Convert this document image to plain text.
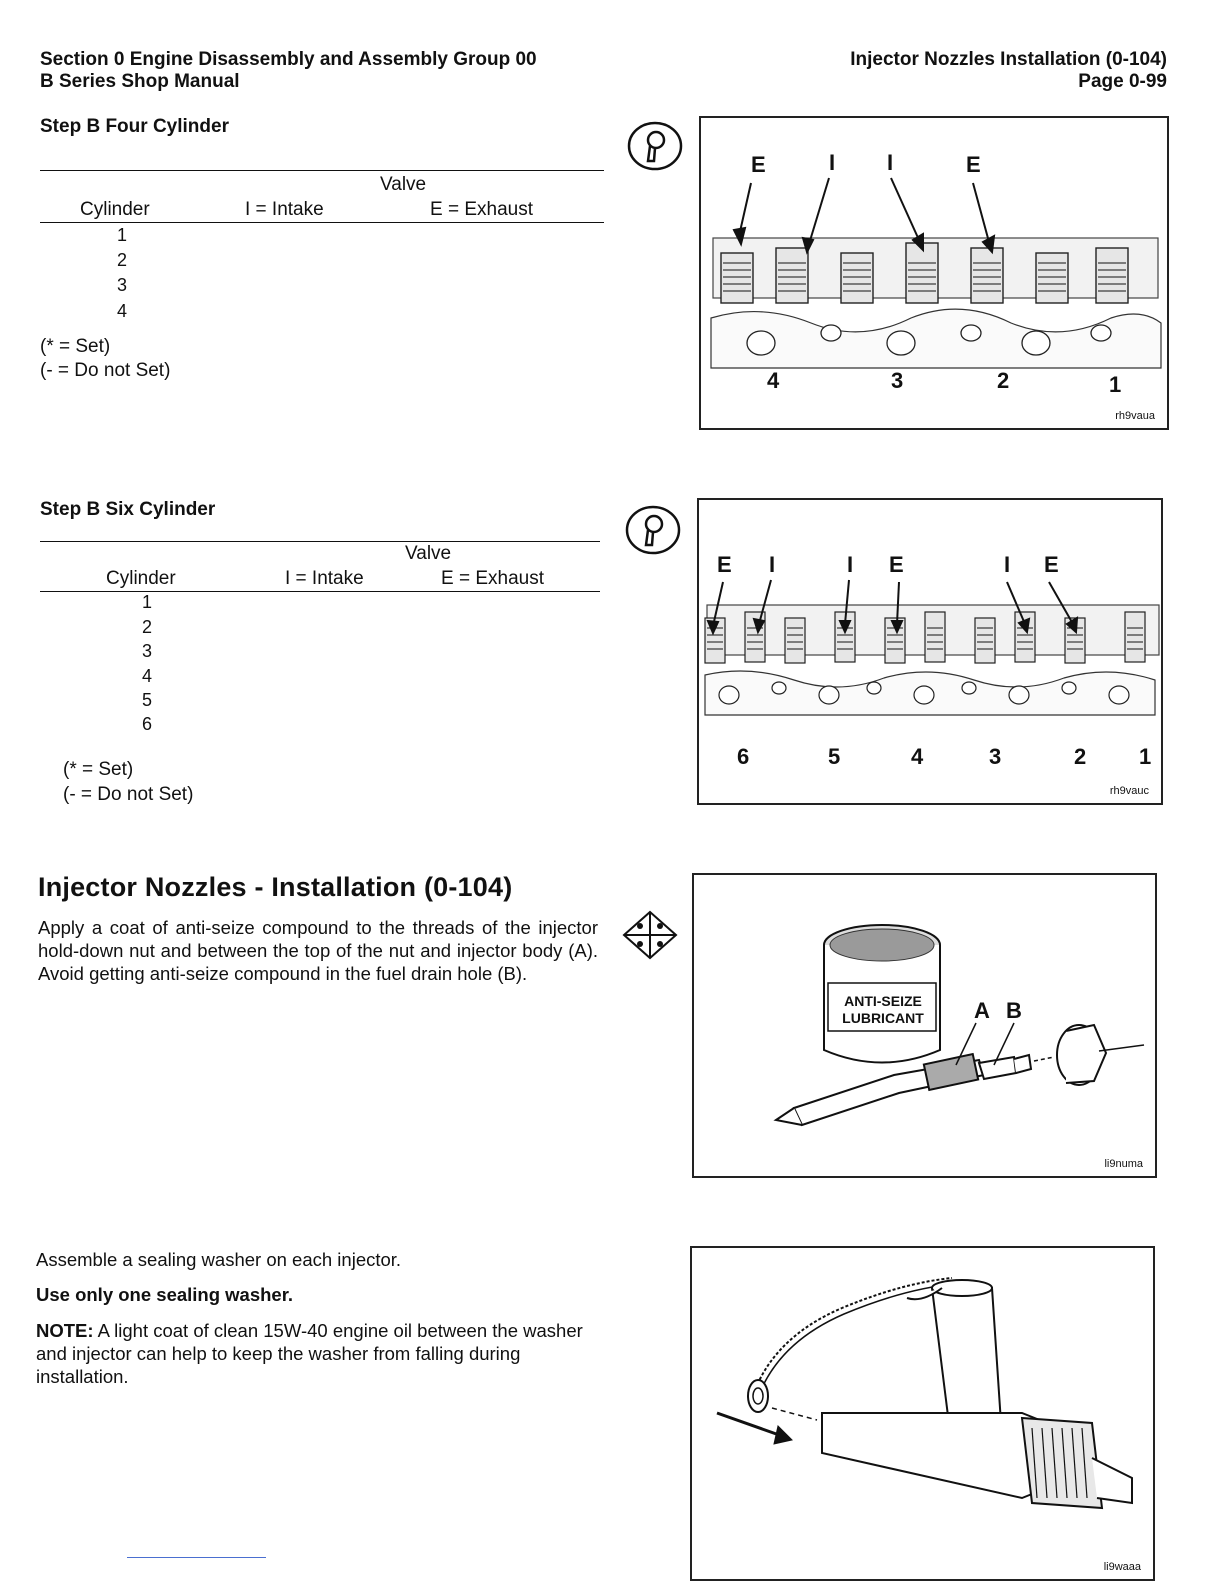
Section 0 Engine Disassembly and Assembly Group 00
B Series Shop Manual
Injector Nozzles Installation (0-104)
Page 0-99
Step B Four Cylinder
Valve
Cylinder	I = Intake	E = Exhaust
1
2
3
4
(* = Set)
(- = Do not Set)
E	I I	E
4	3	2	1
rh9vaua
Step B Six Cylinder
Valve
Cylinder	I = Intake	E = Exhaust
1
2
3
4
5
6
(* = Set)
(- = Do not Set)
E I	I E	I E
6	5	4	3	2 1
rh9vauc
Injector Nozzles - Installation (0-104)
Apply a coat of anti-seize compound to the threads of the injector hold-down nut and between the top of the nut and injector body (A). Avoid getting anti-seize compound in the fuel drain hole (B).
ANTI-SEIZE
LUBRICANT A B
li9numa
Assemble a sealing washer on each injector.
Use only one sealing washer.
NOTE: A light coat of clean 15W-40 engine oil between the washer and injector can help to keep the washer from falling during installation.
li9waaa
